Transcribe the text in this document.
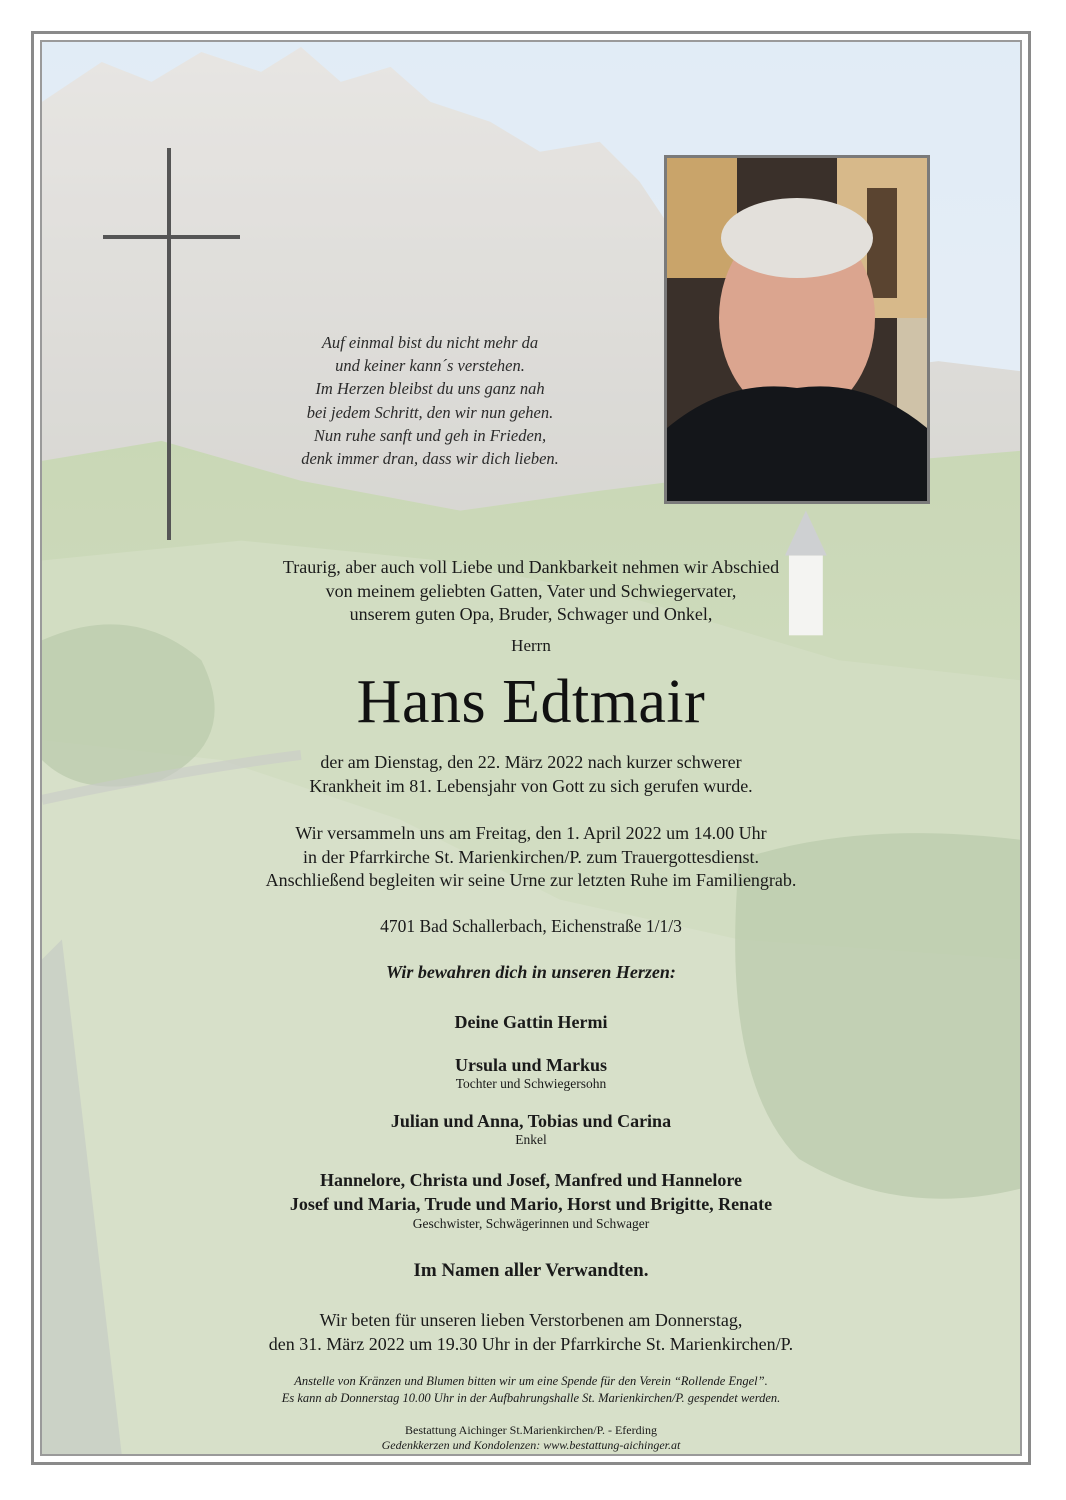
Auf einmal bist du nicht mehr da
und keiner kann´s verstehen.
Im Herzen bleibst du uns ganz nah
bei jedem Schritt, den wir nun gehen.
Nun ruhe sanft und geh in Frieden,
denk immer dran, dass wir dich lieben.
Traurig, aber auch voll Liebe und Dankbarkeit nehmen wir Abschied
von meinem geliebten Gatten, Vater und Schwiegervater,
unserem guten Opa, Bruder, Schwager und Onkel,
Herrn
Hans Edtmair
der am Dienstag, den 22. März 2022 nach kurzer schwerer
Krankheit im 81. Lebensjahr von Gott zu sich gerufen wurde.
Wir versammeln uns am Freitag, den 1. April 2022 um 14.00 Uhr
in der Pfarrkirche St. Marienkirchen/P. zum Trauergottesdienst.
Anschließend begleiten wir seine Urne zur letzten Ruhe im Familiengrab.
4701 Bad Schallerbach, Eichenstraße 1/1/3
Wir bewahren dich in unseren Herzen:
Deine Gattin Hermi
Ursula und Markus
Tochter und Schwiegersohn
Julian und Anna, Tobias und Carina
Enkel
Hannelore, Christa und Josef, Manfred und Hannelore
Josef und Maria, Trude und Mario, Horst und Brigitte, Renate
Geschwister, Schwägerinnen und Schwager
Im Namen aller Verwandten.
Wir beten für unseren lieben Verstorbenen am Donnerstag,
den 31. März 2022 um 19.30 Uhr in der Pfarrkirche St. Marienkirchen/P.
Anstelle von Kränzen und Blumen bitten wir um eine Spende für den Verein “Rollende Engel”.
Es kann ab Donnerstag 10.00 Uhr in der Aufbahrungshalle St. Marienkirchen/P. gespendet werden.
Bestattung Aichinger St.Marienkirchen/P. - Eferding
Gedenkkerzen und Kondolenzen: www.bestattung-aichinger.at
